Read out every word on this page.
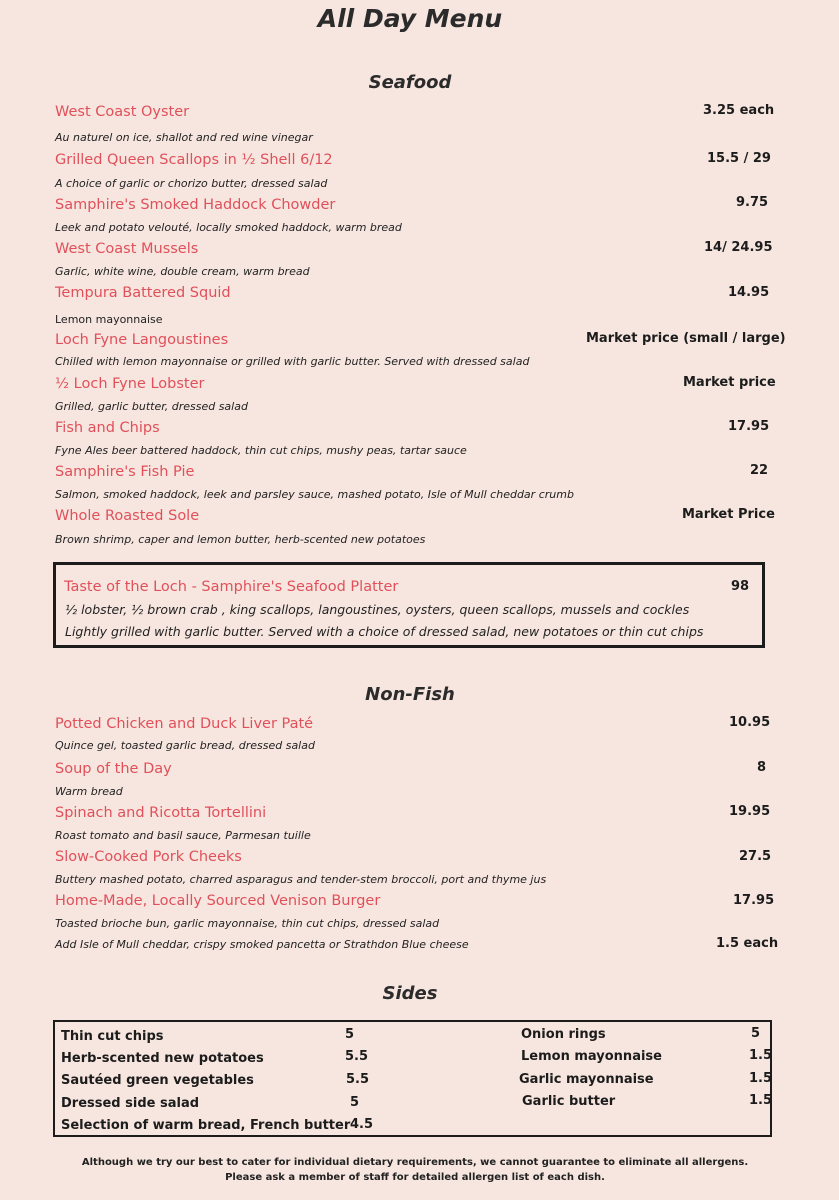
All Day Menu
Seafood
West Coast Oyster	3.25 each
Au naturel on ice, shallot and red wine vinegar
Grilled Queen Scallops in ½ Shell 6/12	15.5 / 29
A choice of garlic or chorizo butter, dressed salad
Samphire's Smoked Haddock Chowder	9.75
Leek and potato velouté, locally smoked haddock, warm bread
West Coast Mussels	14/ 24.95
Garlic, white wine, double cream, warm bread
Tempura Battered Squid	14.95
Lemon mayonnaise
Loch Fyne Langoustines	Market price (small / large)
Chilled with lemon mayonnaise or grilled with garlic butter. Served with dressed salad
½ Loch Fyne Lobster	Market price
Grilled, garlic butter, dressed salad
Fish and Chips	17.95
Fyne Ales beer battered haddock, thin cut chips, mushy peas, tartar sauce
Samphire's Fish Pie	22
Salmon, smoked haddock, leek and parsley sauce, mashed potato, Isle of Mull cheddar crumb
Whole Roasted Sole	Market Price
Brown shrimp, caper and lemon butter, herb-scented new potatoes
Taste of the Loch - Samphire's Seafood Platter	98
½ lobster, ½ brown crab , king scallops, langoustines, oysters, queen scallops, mussels and cockles
Lightly grilled with garlic butter. Served with a choice of dressed salad, new potatoes or thin cut chips
Non-Fish
Potted Chicken and Duck Liver Paté	10.95
Quince gel, toasted garlic bread, dressed salad
Soup of the Day	8
Warm bread
Spinach and Ricotta Tortellini	19.95
Roast tomato and basil sauce, Parmesan tuille
Slow-Cooked Pork Cheeks	27.5
Buttery mashed potato, charred asparagus and tender-stem broccoli, port and thyme jus
Home-Made, Locally Sourced Venison Burger	17.95
Toasted brioche bun, garlic mayonnaise, thin cut chips, dressed salad
Add Isle of Mull cheddar, crispy smoked pancetta or Strathdon Blue cheese	1.5 each
Sides
Thin cut chips	5
Herb-scented new potatoes	5.5
Sautéed green vegetables	5.5
Dressed side salad	5
Selection of warm bread, French butter 4.5
Onion rings	5
Lemon mayonnaise	1.5
Garlic mayonnaise	1.5
Garlic butter	1.5
Although we try our best to cater for individual dietary requirements, we cannot guarantee to eliminate all allergens.
Please ask a member of staff for detailed allergen list of each dish.
